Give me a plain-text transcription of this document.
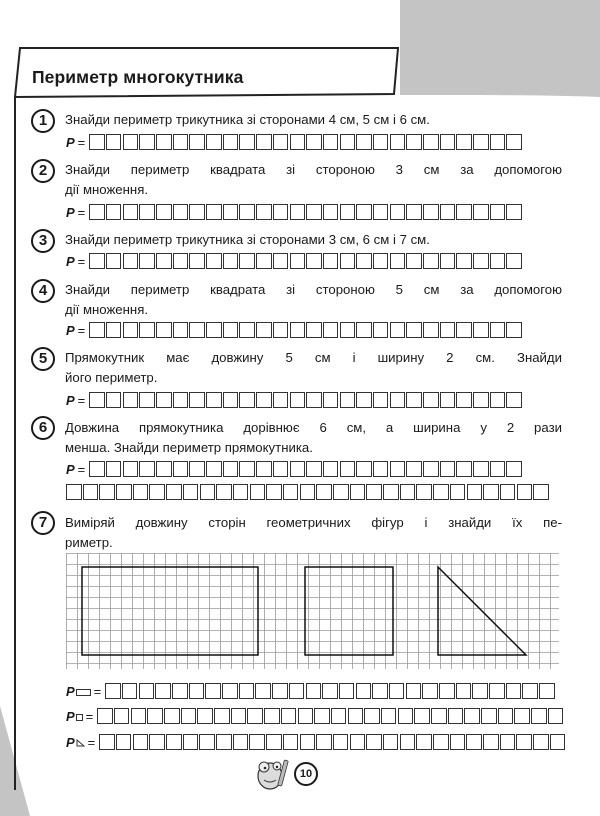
Периметр многокутника
1	Знайди периметр трикутника зі сторонами 4 см, 5 см і 6 см.
P =
2	Знайди периметр квадрата зі стороною 3 см за допомогою
дії множення.
P =
3	Знайди периметр трикутника зі сторонами 3 см, 6 см і 7 см.
P =
4	Знайди периметр квадрата зі стороною 5 см за допомогою
дії множення.
P =
5	Прямокутник має довжину 5 см і ширину 2 см. Знайди
його периметр.
P =
6	Довжина прямокутника дорівнює 6 см, а ширина у 2 рази
менша. Знайди периметр прямокутника.
P =
7	Виміряй довжину сторін геометричних фігур і знайди їх пе-
риметр.
P =
P =
P =
10
